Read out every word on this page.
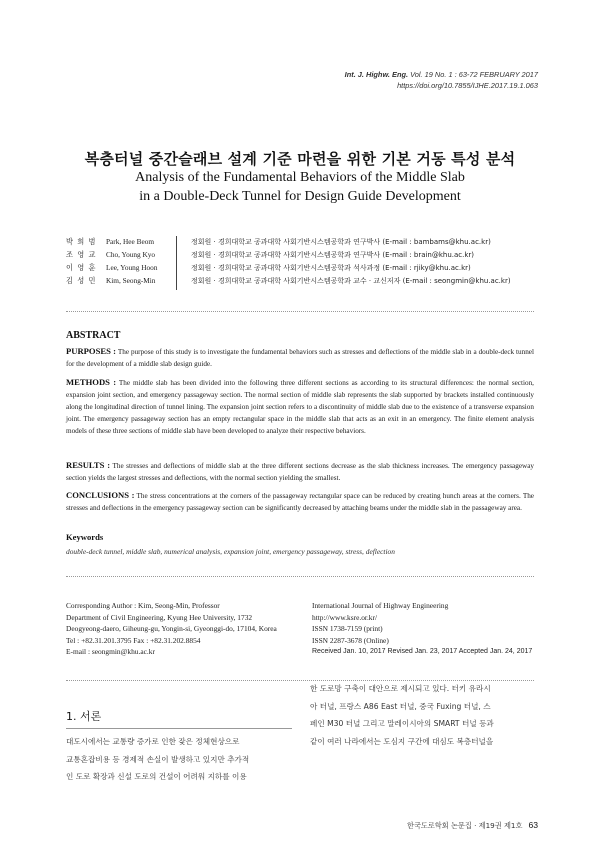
Int. J. Highw. Eng. Vol. 19 No. 1 : 63-72 FEBRUARY 2017
https://doi.org/10.7855/IJHE.2017.19.1.063
복층터널 중간슬래브 설계 기준 마련을 위한 기본 거동 특성 분석
Analysis of the Fundamental Behaviors of the Middle Slab
in a Double-Deck Tunnel for Design Guide Development
박 희 범 Park, Hee Beom	정회원 · 경희대학교 공과대학 사회기반시스템공학과 연구박사 (E-mail : bambams@khu.ac.kr)
조 영 교 Cho, Young Kyo	정회원 · 경희대학교 공과대학 사회기반시스템공학과 연구박사 (E-mail : brain@khu.ac.kr)
이 영 훈 Lee, Young Hoon	정회원 · 경희대학교 공과대학 사회기반시스템공학과 석사과정 (E-mail : rjiky@khu.ac.kr)
김 성 민 Kim, Seong-Min	정회원 · 경희대학교 공과대학 사회기반시스템공학과 교수 · 교신저자 (E-mail : seongmin@khu.ac.kr)
ABSTRACT
PURPOSES : The purpose of this study is to investigate the fundamental behaviors such as stresses and deflections of the middle slab in a double-deck tunnel for the development of a middle slab design guide.
METHODS : The middle slab has been divided into the following three different sections as according to its structural differences: the normal section, expansion joint section, and emergency passageway section. The normal section of middle slab represents the slab supported by brackets installed continuously along the longitudinal direction of tunnel lining. The expansion joint section refers to a discontinuity of middle slab due to the existence of a transverse expansion joint. The emergency passageway section has an empty rectangular space in the middle slab that acts as an exit in an emergency. The finite element analysis models of these three sections of middle slab have been developed to analyze their respective behaviors.
RESULTS : The stresses and deflections of middle slab at the three different sections decrease as the slab thickness increases. The emergency passageway section yields the largest stresses and deflections, with the normal section yielding the smallest.
CONCLUSIONS : The stress concentrations at the corners of the passageway rectangular space can be reduced by creating hunch areas at the corners. The stresses and deflections in the emergency passageway section can be significantly decreased by attaching beams under the middle slab in the passageway area.
Keywords
double-deck tunnel, middle slab, numerical analysis, expansion joint, emergency passageway, stress, deflection
Corresponding Author : Kim, Seong-Min, Professor
Department of Civil Engineering, Kyung Hee University, 1732
Deogyeong-daero, Giheung-gu, Yongin-si, Gyeonggi-do, 17104, Korea
Tel : +82.31.201.3795 Fax : +82.31.202.8854
E-mail : seongmin@khu.ac.kr
International Journal of Highway Engineering
http://www.ksre.or.kr/
ISSN 1738-7159 (print)
ISSN 2287-3678 (Online)
Received Jan. 10, 2017 Revised Jan. 23, 2017 Accepted Jan. 24, 2017
1. 서론
대도시에서는 교통량 증가로 인한 잦은 정체현상으로
교통혼잡비용 등 경제적 손실이 발생하고 있지만 추가적
인 도로 확장과 신설 도로의 건설이 어려워 지하를 이용
한 도로망 구축이 대안으로 제시되고 있다. 터키 유라시
아 터널, 프랑스 A86 East 터널, 중국 Fuxing 터널, 스
페인 M30 터널 그리고 말레이시아의 SMART 터널 등과
같이 여러 나라에서는 도심지 구간에 대심도 복층터널을
한국도로학회 논문집 · 제19권 제1호 63
